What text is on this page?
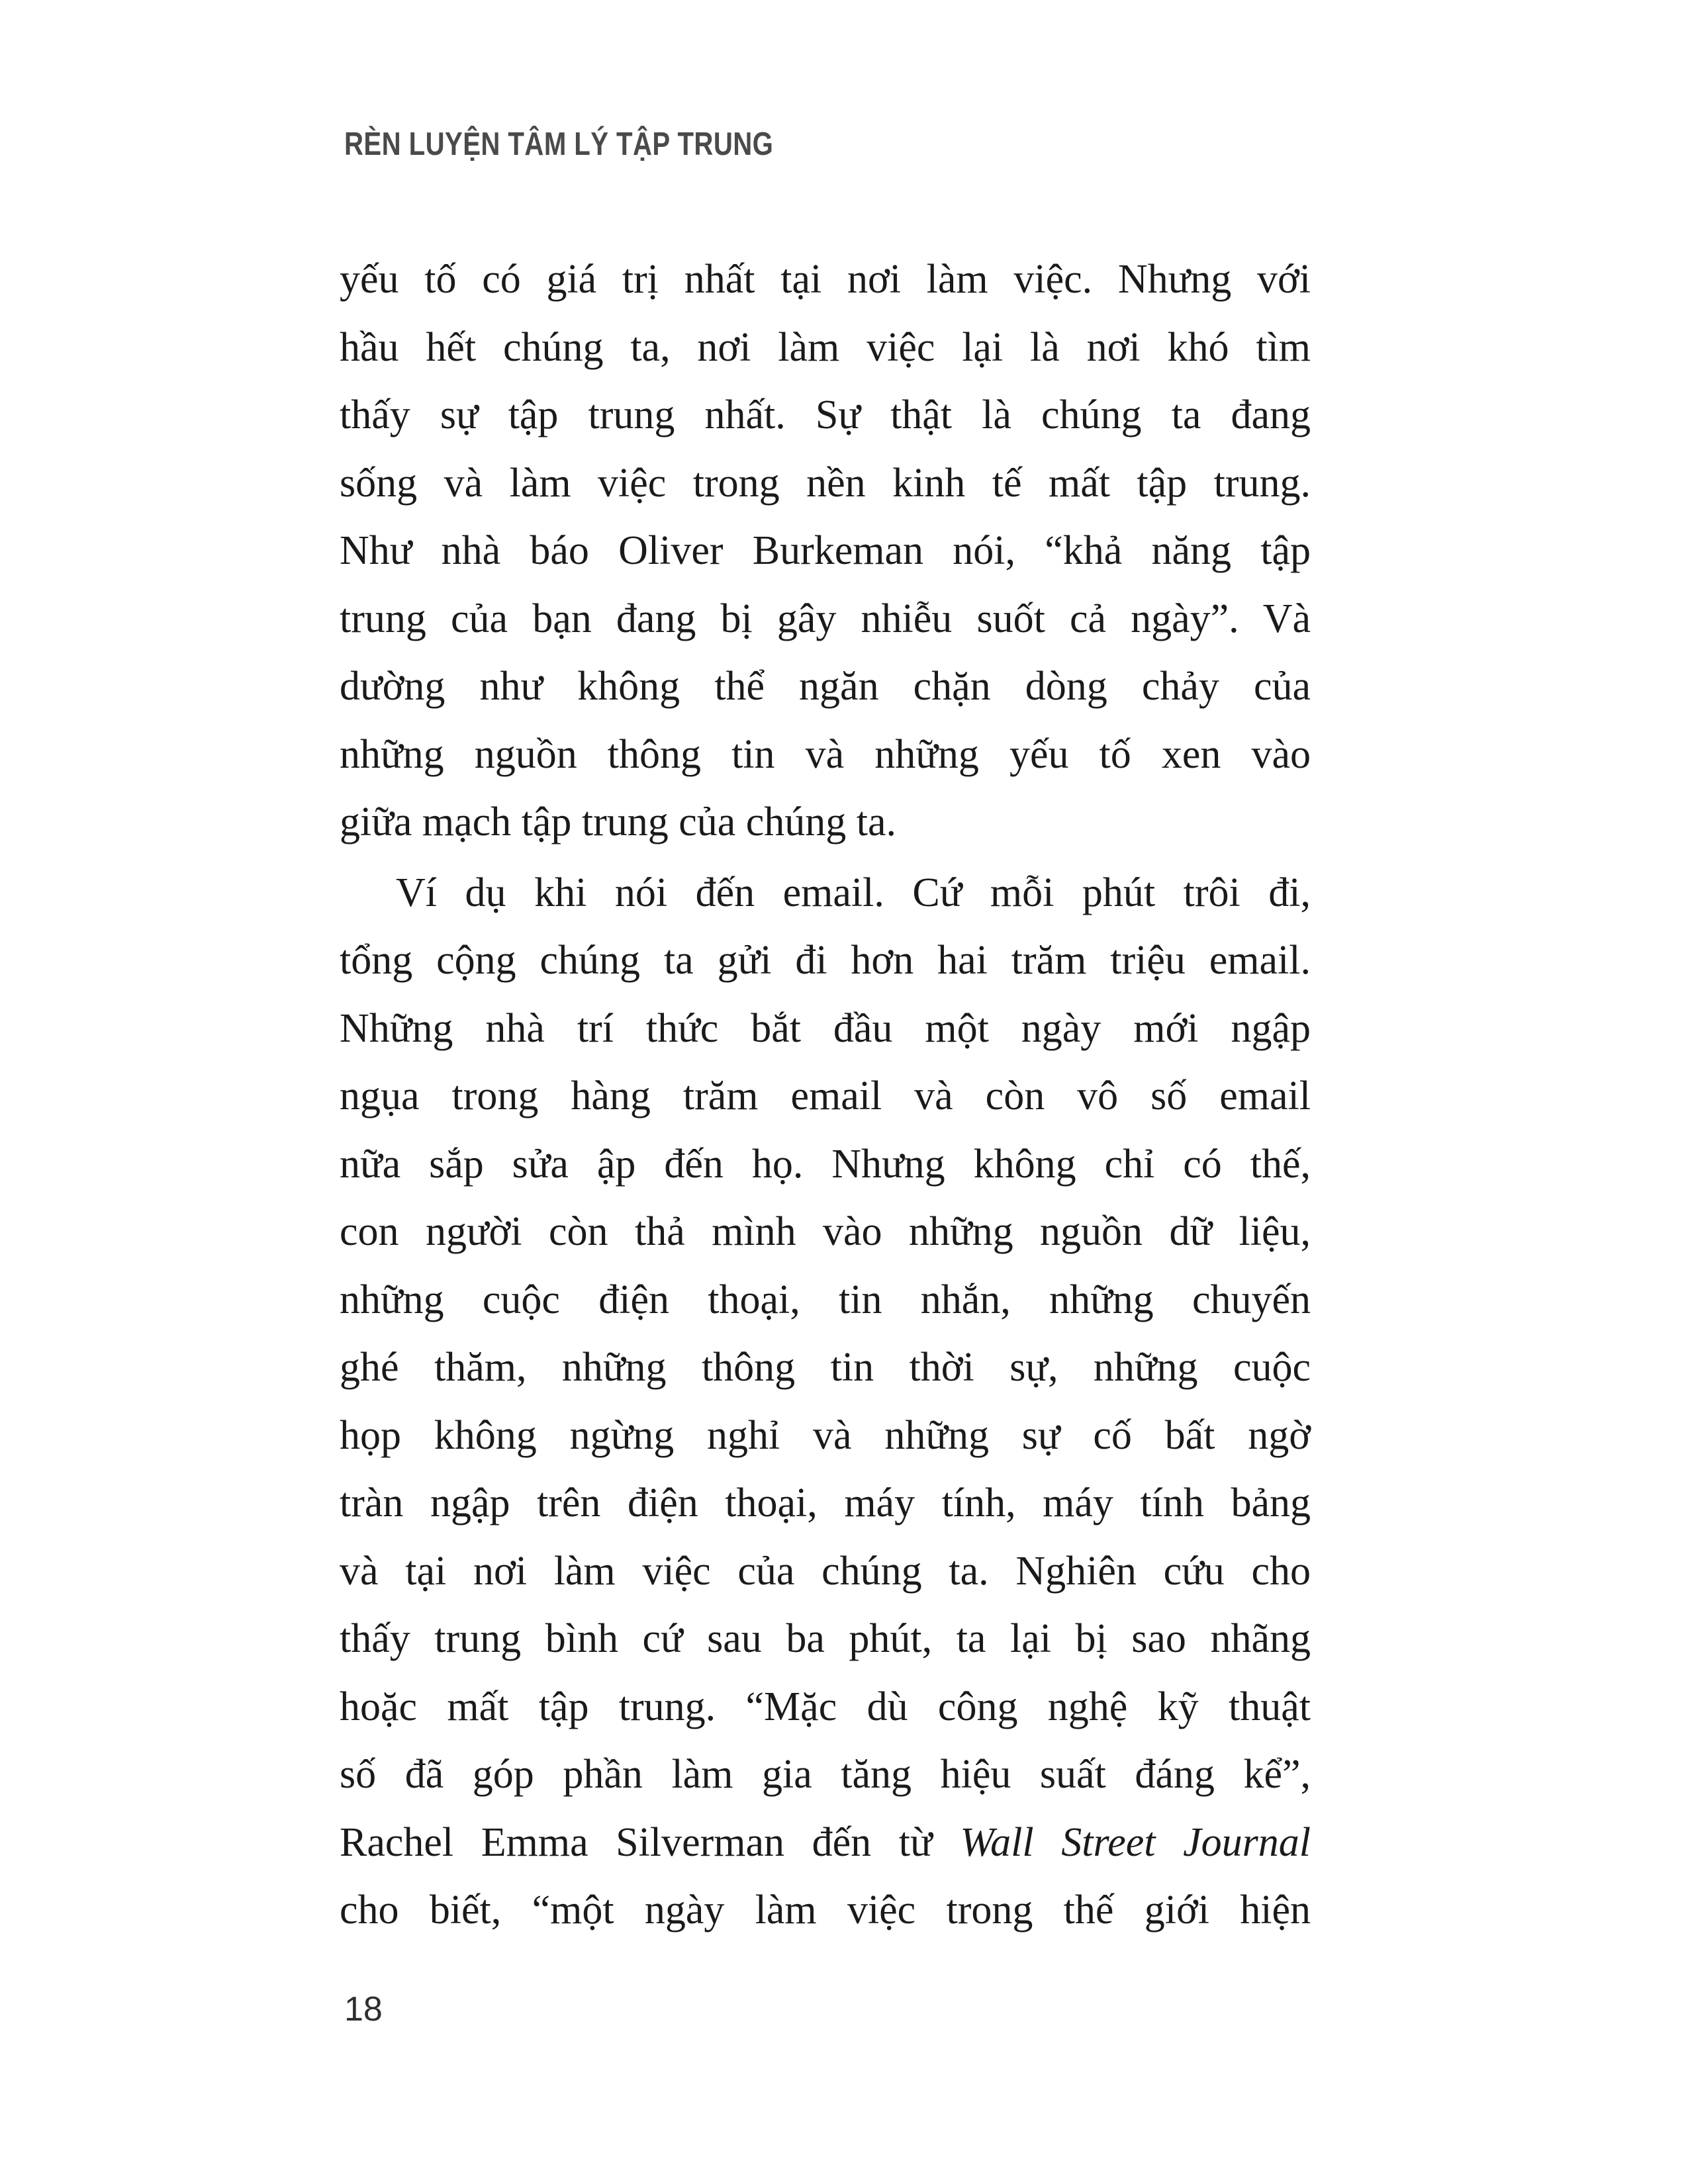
RÈN LUYỆN TÂM LÝ TẬP TRUNG
yếu tố có giá trị nhất tại nơi làm việc. Nhưng với
hầu hết chúng ta, nơi làm việc lại là nơi khó tìm
thấy sự tập trung nhất. Sự thật là chúng ta đang
sống và làm việc trong nền kinh tế mất tập trung.
Như nhà báo Oliver Burkeman nói, “khả năng tập
trung của bạn đang bị gây nhiễu suốt cả ngày”. Và
dường như không thể ngăn chặn dòng chảy của
những nguồn thông tin và những yếu tố xen vào
giữa mạch tập trung của chúng ta.
Ví dụ khi nói đến email. Cứ mỗi phút trôi đi,
tổng cộng chúng ta gửi đi hơn hai trăm triệu email.
Những nhà trí thức bắt đầu một ngày mới ngập
ngụa trong hàng trăm email và còn vô số email
nữa sắp sửa ập đến họ. Nhưng không chỉ có thế,
con người còn thả mình vào những nguồn dữ liệu,
những cuộc điện thoại, tin nhắn, những chuyến
ghé thăm, những thông tin thời sự, những cuộc
họp không ngừng nghỉ và những sự cố bất ngờ
tràn ngập trên điện thoại, máy tính, máy tính bảng
và tại nơi làm việc của chúng ta. Nghiên cứu cho
thấy trung bình cứ sau ba phút, ta lại bị sao nhãng
hoặc mất tập trung. “Mặc dù công nghệ kỹ thuật
số đã góp phần làm gia tăng hiệu suất đáng kể”,
Rachel Emma Silverman đến từ Wall Street Journal
cho biết, “một ngày làm việc trong thế giới hiện
18
